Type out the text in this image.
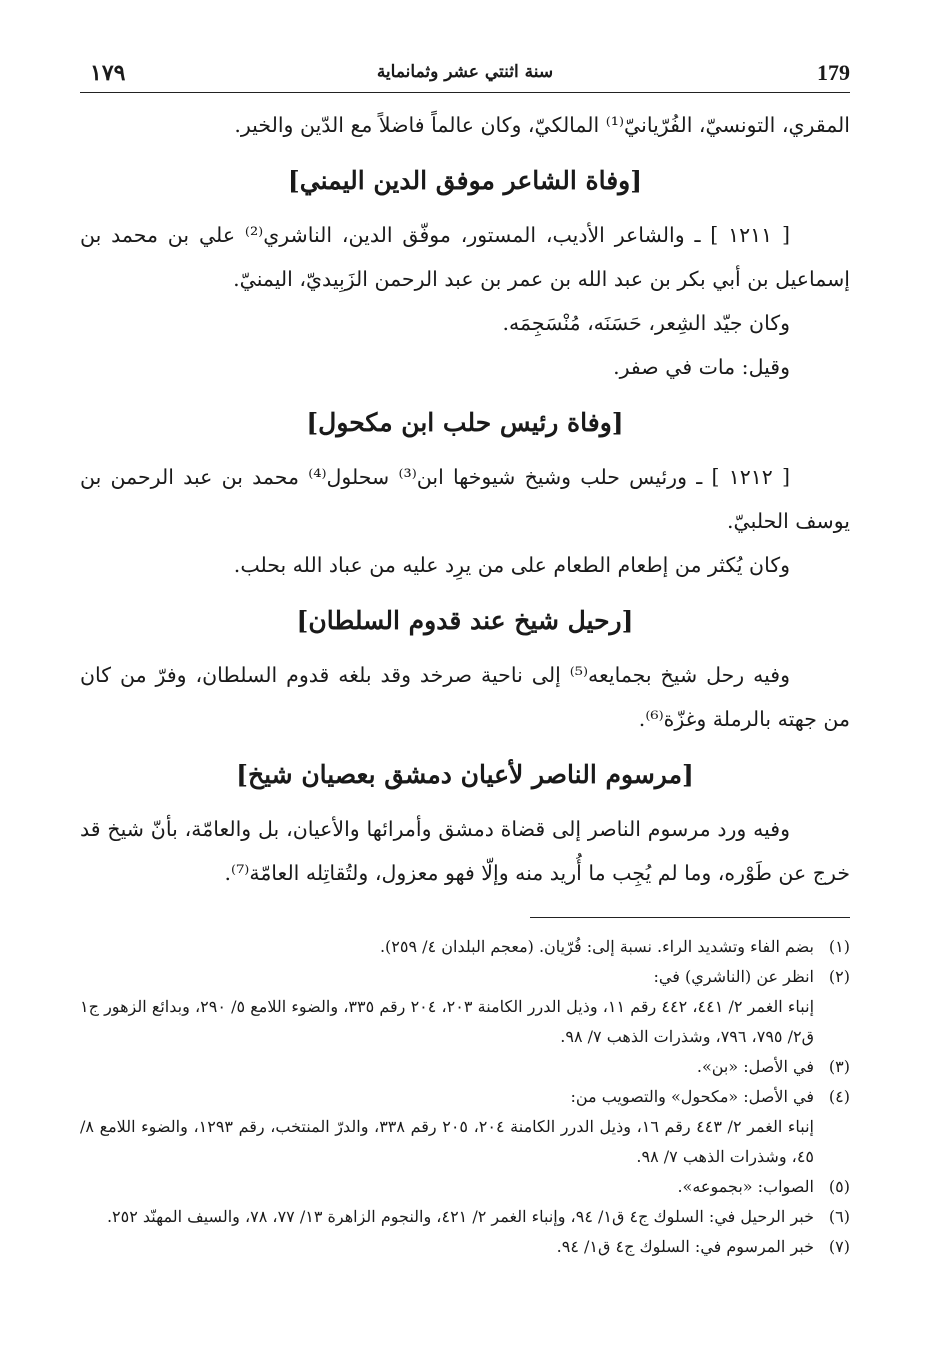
179
سنة اثنتي عشر وثمانماية
١٧٩

المقري، التونسيّ، الفُرّيانيّ⁽¹⁾ المالكيّ، وكان عالماً فاضلاً مع الدّين والخير.

[وفاة الشاعر موفق الدين اليمني]

[ ١٢١١ ] ـ والشاعر الأديب، المستور، موفّق الدين، الناشري⁽²⁾ علي بن محمد بن إسماعيل بن أبي بكر بن عبد الله بن عمر بن عبد الرحمن الزَبِيديّ، اليمنيّ.

وكان جيّد الشِعر، حَسَنَه، مُنْسَجِمَه.

وقيل: مات في صفر.

[وفاة رئيس حلب ابن مكحول]

[ ١٢١٢ ] ـ ورئيس حلب وشيخ شيوخها ابن⁽³⁾ سحلول⁽⁴⁾ محمد بن عبد الرحمن بن يوسف الحلبيّ.

وكان يُكثر من إطعام الطعام على من يرِد عليه من عباد الله بحلب.

[رحيل شيخ عند قدوم السلطان]

وفيه رحل شيخ بجمايعه⁽⁵⁾ إلى ناحية صرخد وقد بلغه قدوم السلطان، وفرّ من كان من جهته بالرملة وغزّة⁽⁶⁾.

[مرسوم الناصر لأعيان دمشق بعصيان شيخ]

وفيه ورد مرسوم الناصر إلى قضاة دمشق وأمرائها والأعيان، بل والعامّة، بأنّ شيخ قد خرج عن طَوْره، وما لم يُجِب ما أُريد منه وإلّا فهو معزول، ولتُقاتِله العامّة⁽⁷⁾.

(١)
بضم الفاء وتشديد الراء. نسبة إلى: فُرّيان. (معجم البلدان ٤/ ٢٥٩).
(٢)
انظر عن (الناشري) في:
إنباء الغمر ٢/ ٤٤١، ٤٤٢ رقم ١١، وذيل الدرر الكامنة ٢٠٣، ٢٠٤ رقم ٣٣٥، والضوء اللامع ٥/ ٢٩٠، وبدائع الزهور ج١ ق٢/ ٧٩٥، ٧٩٦، وشذرات الذهب ٧/ ٩٨.
(٣)
في الأصل: «بن».
(٤)
في الأصل: «مكحول» والتصويب من:
إنباء الغمر ٢/ ٤٤٣ رقم ١٦، وذيل الدرر الكامنة ٢٠٤، ٢٠٥ رقم ٣٣٨، والدرّ المنتخب، رقم ١٢٩٣، والضوء اللامع ٨/ ٤٥، وشذرات الذهب ٧/ ٩٨.
(٥)
الصواب: «بجموعه».
(٦)
خبر الرحيل في: السلوك ج٤ ق١/ ٩٤، وإنباء الغمر ٢/ ٤٢١، والنجوم الزاهرة ١٣/ ٧٧، ٧٨، والسيف المهنّد ٢٥٢.
(٧)
خبر المرسوم في: السلوك ج٤ ق١/ ٩٤.
